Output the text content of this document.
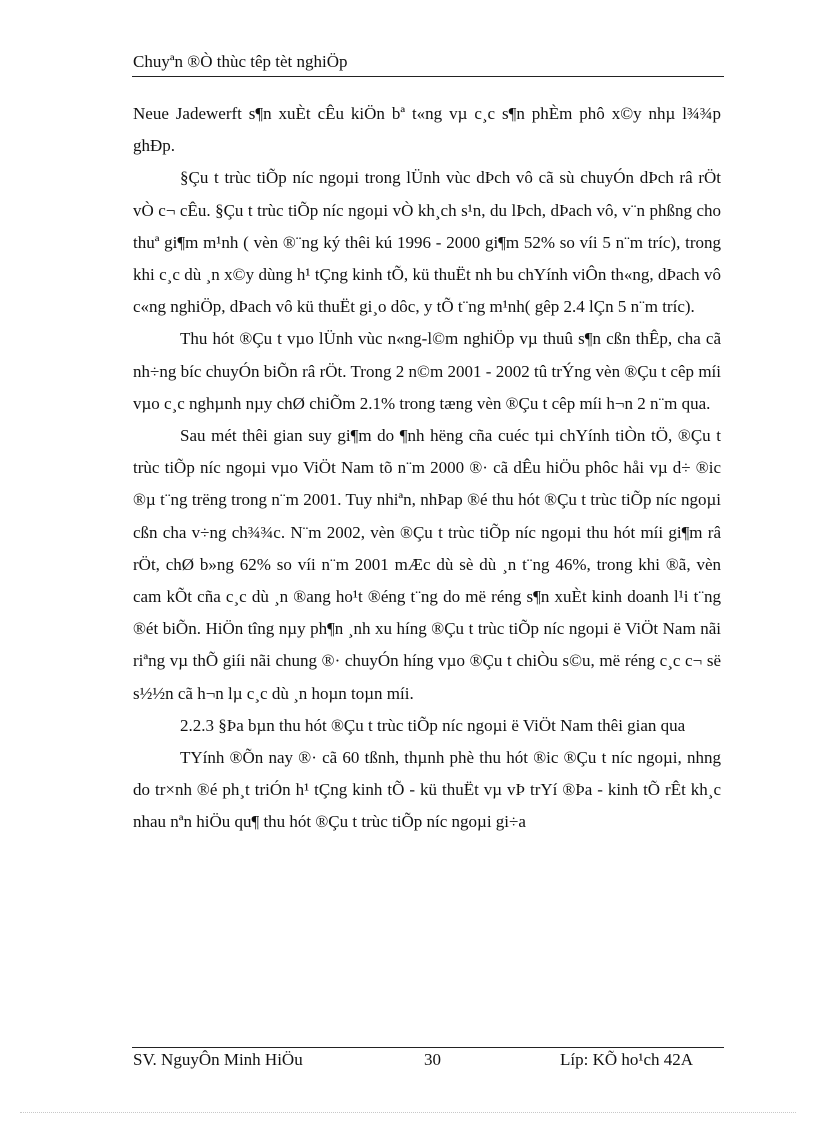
Chuyªn ®Ò thùc têp tèt nghiÖp

Neue Jadewerft s¶n xuÈt cÊu kiÖn bª t«ng vµ c¸c s¶n phÈm phô x©y nhµ l¾¾p ghÐp.

§Çu t trùc tiÕp níc ngoµi trong lÜnh vùc dÞch vô cã sù chuyÓn dÞch râ rÖt vÒ c¬ cÊu. §Çu t trùc tiÕp níc ngoµi vÒ kh¸ch s¹n, du lÞch, dÞach vô, v¨n phßng cho thuª gi¶m m¹nh ( vèn ®¨ng ký thêi kú 1996 - 2000 gi¶m 52% so víi 5 n¨m tríc), trong khi c¸c dù ¸n x©y dùng h¹ tÇng kinh tÕ, kü thuËt nh bu chYính viÔn th«ng, dÞach vô c«ng nghiÖp, dÞach vô kü thuËt gi¸o dôc, y tÕ t¨ng m¹nh( gêp 2.4 lÇn 5 n¨m tríc).

Thu hót ®Çu t vµo lÜnh vùc n«ng-l©m nghiÖp vµ thuû s¶n cßn thÊp, cha cã nh÷ng bíc chuyÓn biÕn râ rÖt. Trong 2 n©m 2001 - 2002 tû trÝng vèn ®Çu t cêp míi vµo c¸c nghµnh nµy chØ chiÕm 2.1% trong tæng vèn ®Çu t cêp míi h¬n 2 n¨m qua.

Sau mét thêi gian suy gi¶m do ¶nh hëng cña cuéc tµi chYính tiÒn tÖ, ®Çu t trùc tiÕp níc ngoµi vµo ViÖt Nam tõ n¨m 2000 ®· cã dÊu hiÖu phôc håi vµ d÷ ®ic ®µ t¨ng trëng trong n¨m 2001. Tuy nhiªn, nhÞap ®é thu hót ®Çu t trùc tiÕp níc ngoµi cßn cha v÷ng ch¾¾c. N¨m 2002, vèn ®Çu t trùc tiÕp níc ngoµi thu hót míi gi¶m râ rÖt, chØ b»ng 62% so víi n¨m 2001 mÆc dù sè dù ¸n t¨ng 46%, trong khi ®ã, vèn cam kÕt cña c¸c dù ¸n ®ang ho¹t ®éng t¨ng do më réng s¶n xuÈt kinh doanh l¹i t¨ng ®ét biÕn. HiÖn tîng nµy ph¶n ¸nh xu híng ®Çu t trùc tiÕp níc ngoµi ë ViÖt Nam nãi riªng vµ thÕ giíi nãi chung ®· chuyÓn híng vµo ®Çu t chiÒu s©u, më réng c¸c c¬ së s½½n cã h¬n lµ c¸c dù ¸n hoµn toµn míi.

2.2.3 §Þa bµn thu hót ®Çu t trùc tiÕp níc ngoµi ë ViÖt Nam thêi gian qua

TYính ®Õn nay ®· cã 60 tßnh, thµnh phè thu hót ®ic ®Çu t níc ngoµi, nhng do tr×nh ®é ph¸t triÓn h¹ tÇng kinh tÕ - kü thuËt vµ vÞ trYí ®Þa - kinh tÕ rÊt kh¸c nhau nªn hiÖu qu¶ thu hót ®Çu t trùc tiÕp níc ngoµi gi÷a

SV. NguyÔn Minh HiÖu	30	Líp: KÕ ho¹ch 42A
